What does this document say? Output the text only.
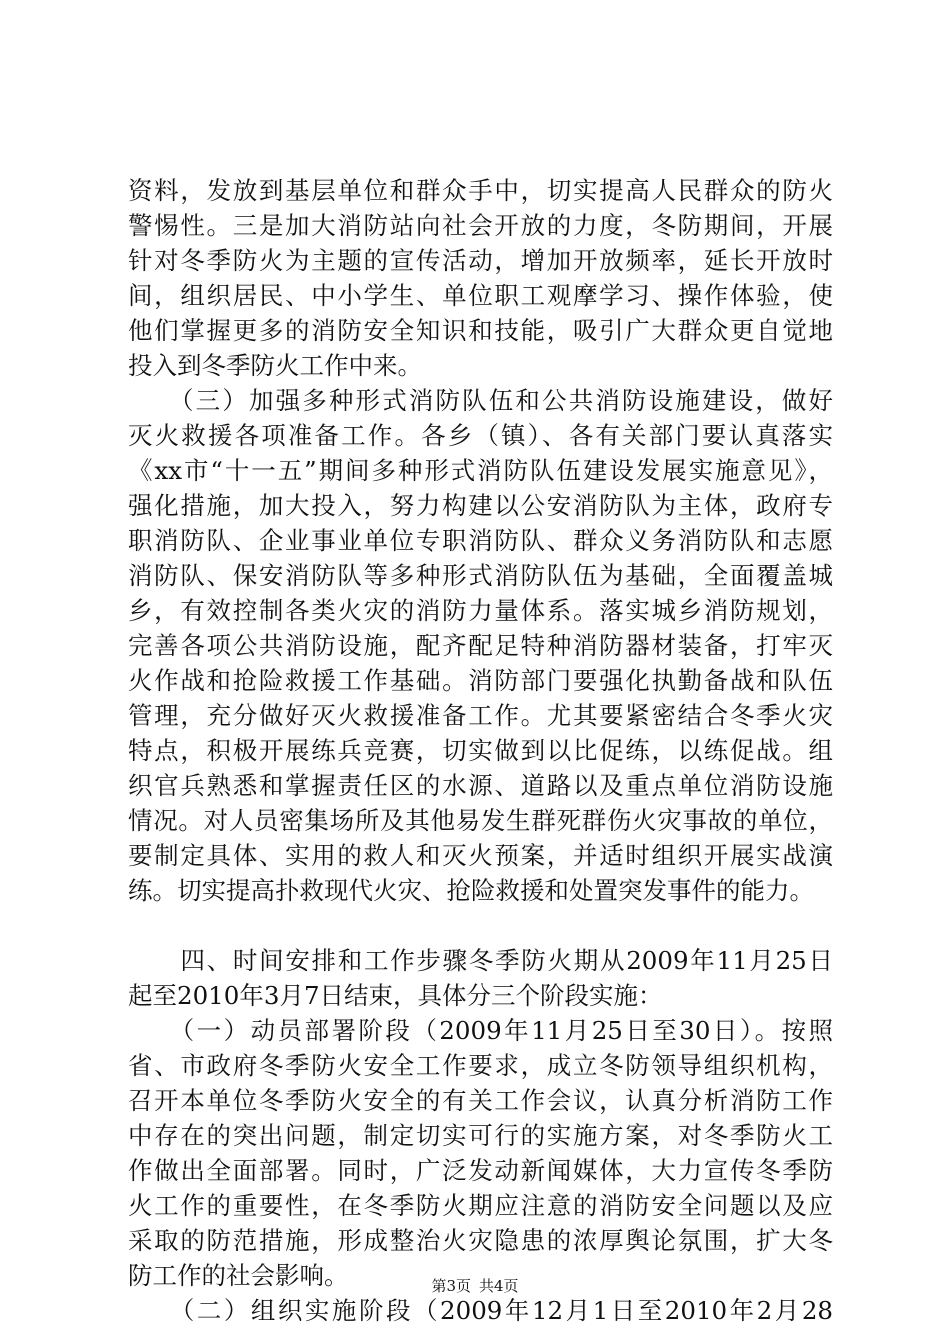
资料，发放到基层单位和群众手中，切实提高人民群众的防火
警惕性。三是加大消防站向社会开放的力度，冬防期间，开展
针对冬季防火为主题的宣传活动，增加开放频率，延长开放时
间，组织居民、中小学生、单位职工观摩学习、操作体验，使
他们掌握更多的消防安全知识和技能，吸引广大群众更自觉地
投入到冬季防火工作中来。
　　（三）加强多种形式消防队伍和公共消防设施建设，做好
灭火救援各项准备工作。各乡（镇）、各有关部门要认真落实
《xx市“十一五”期间多种形式消防队伍建设发展实施意见》，
强化措施，加大投入，努力构建以公安消防队为主体，政府专
职消防队、企业事业单位专职消防队、群众义务消防队和志愿
消防队、保安消防队等多种形式消防队伍为基础，全面覆盖城
乡，有效控制各类火灾的消防力量体系。落实城乡消防规划，
完善各项公共消防设施，配齐配足特种消防器材装备，打牢灭
火作战和抢险救援工作基础。消防部门要强化执勤备战和队伍
管理，充分做好灭火救援准备工作。尤其要紧密结合冬季火灾
特点，积极开展练兵竞赛，切实做到以比促练，以练促战。组
织官兵熟悉和掌握责任区的水源、道路以及重点单位消防设施
情况。对人员密集场所及其他易发生群死群伤火灾事故的单位，
要制定具体、实用的救人和灭火预案，并适时组织开展实战演
练。切实提高扑救现代火灾、抢险救援和处置突发事件的能力。
　　四、时间安排和工作步骤冬季防火期从2009年11月25日
起至2010年3月7日结束，具体分三个阶段实施：
　　（一）动员部署阶段（2009年11月25日至30日）。按照
省、市政府冬季防火安全工作要求，成立冬防领导组织机构，
召开本单位冬季防火安全的有关工作会议，认真分析消防工作
中存在的突出问题，制定切实可行的实施方案，对冬季防火工
作做出全面部署。同时，广泛发动新闻媒体，大力宣传冬季防
火工作的重要性，在冬季防火期应注意的消防安全问题以及应
采取的防范措施，形成整治火灾隐患的浓厚舆论氛围，扩大冬
防工作的社会影响。
　　（二）组织实施阶段（2009年12月1日至2010年2月28
第3页 共4页
